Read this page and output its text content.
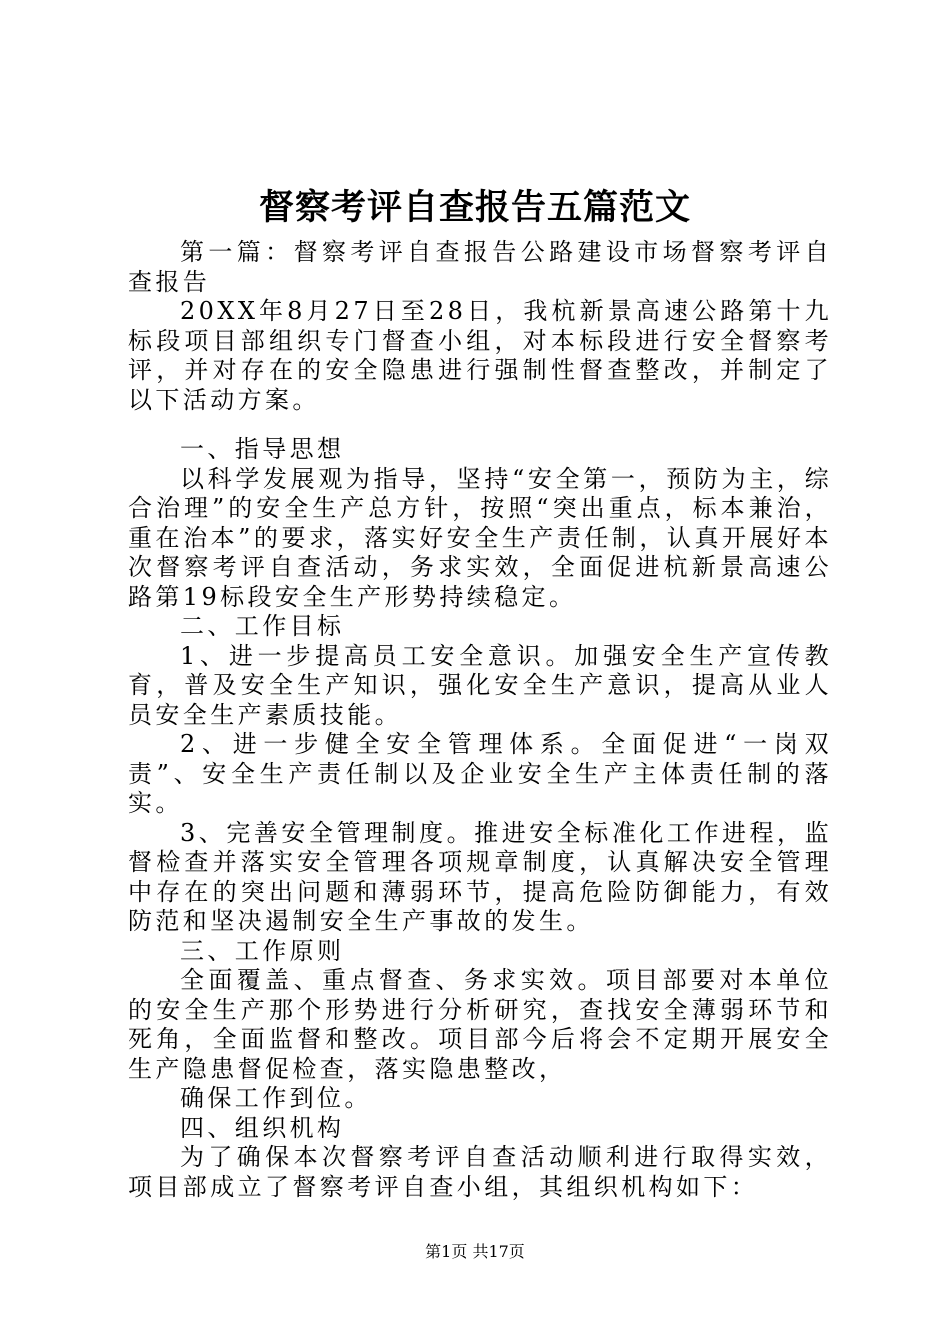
督察考评自查报告五篇范文

第一篇：督察考评自查报告公路建设市场督察考评自查报告

20XX年8月27日至28日，我杭新景高速公路第十九标段项目部组织专门督查小组，对本标段进行安全督察考评，并对存在的安全隐患进行强制性督查整改，并制定了以下活动方案。

一、指导思想

以科学发展观为指导，坚持“安全第一，预防为主，综合治理”的安全生产总方针，按照“突出重点，标本兼治，重在治本”的要求，落实好安全生产责任制，认真开展好本次督察考评自查活动，务求实效，全面促进杭新景高速公路第19标段安全生产形势持续稳定。

二、工作目标

1、进一步提高员工安全意识。加强安全生产宣传教育，普及安全生产知识，强化安全生产意识，提高从业人员安全生产素质技能。

2、进一步健全安全管理体系。全面促进“一岗双责”、安全生产责任制以及企业安全生产主体责任制的落实。

3、完善安全管理制度。推进安全标准化工作进程，监督检查并落实安全管理各项规章制度，认真解决安全管理中存在的突出问题和薄弱环节，提高危险防御能力，有效防范和坚决遏制安全生产事故的发生。

三、工作原则

全面覆盖、重点督查、务求实效。项目部要对本单位的安全生产那个形势进行分析研究，查找安全薄弱环节和死角，全面监督和整改。项目部今后将会不定期开展安全生产隐患督促检查，落实隐患整改，

确保工作到位。

四、组织机构

为了确保本次督察考评自查活动顺利进行取得实效，项目部成立了督察考评自查小组，其组织机构如下：

第1页 共17页
